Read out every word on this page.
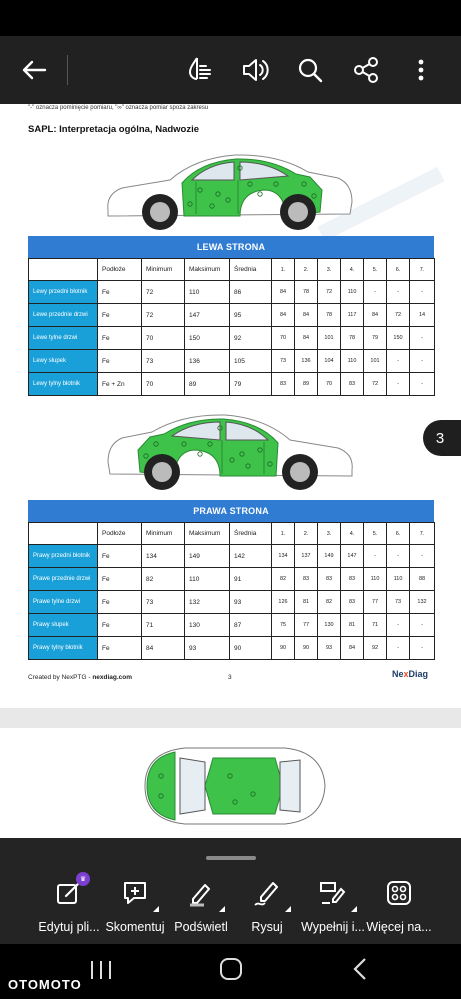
"-" oznacza pominięcie pomiaru, "∞" oznacza pomiar spoza zakresu
SAPL: Interpretacja ogólna, Nadwozie
LEWA STRONA
	Podłoże	Minimum	Maksimum	Średnia	1.	2.	3.	4.	5.	6.	7.
Lewy przedni błotnik	Fe	72	110	86	84	78	72	110	-	-	-
Lewe przednie drzwi	Fe	72	147	95	84	84	78	117	84	72	14
Lewe tylne drzwi	Fe	70	150	92	70	84	101	78	79	150	-
Lewy słupek	Fe	73	136	105	73	136	104	110	101	-	-
Lewy tylny błotnik	Fe + Zn	70	89	79	83	89	70	83	72	-	-
PRAWA STRONA
	Podłoże	Minimum	Maksimum	Średnia	1.	2.	3.	4.	5.	6.	7.
Prawy przedni błotnik	Fe	134	149	142	134	137	149	147	-	-	-
Prawe przednie drzwi	Fe	82	110	91	82	83	83	83	110	110	88
Prawe tylne drzwi	Fe	73	132	93	126	81	82	83	77	73	132
Prawy słupek	Fe	71	130	87	75	77	130	81	71	-	-
Prawy tylny błotnik	Fe	84	93	90	90	90	93	84	92	-	-
Created by NexPTG - nexdiag.com	3	NexDiag
3
♛
Edytuj pli... Skomentuj Podświetl Rysuj Wypełnij i... Więcej na...
OTOMOTO
